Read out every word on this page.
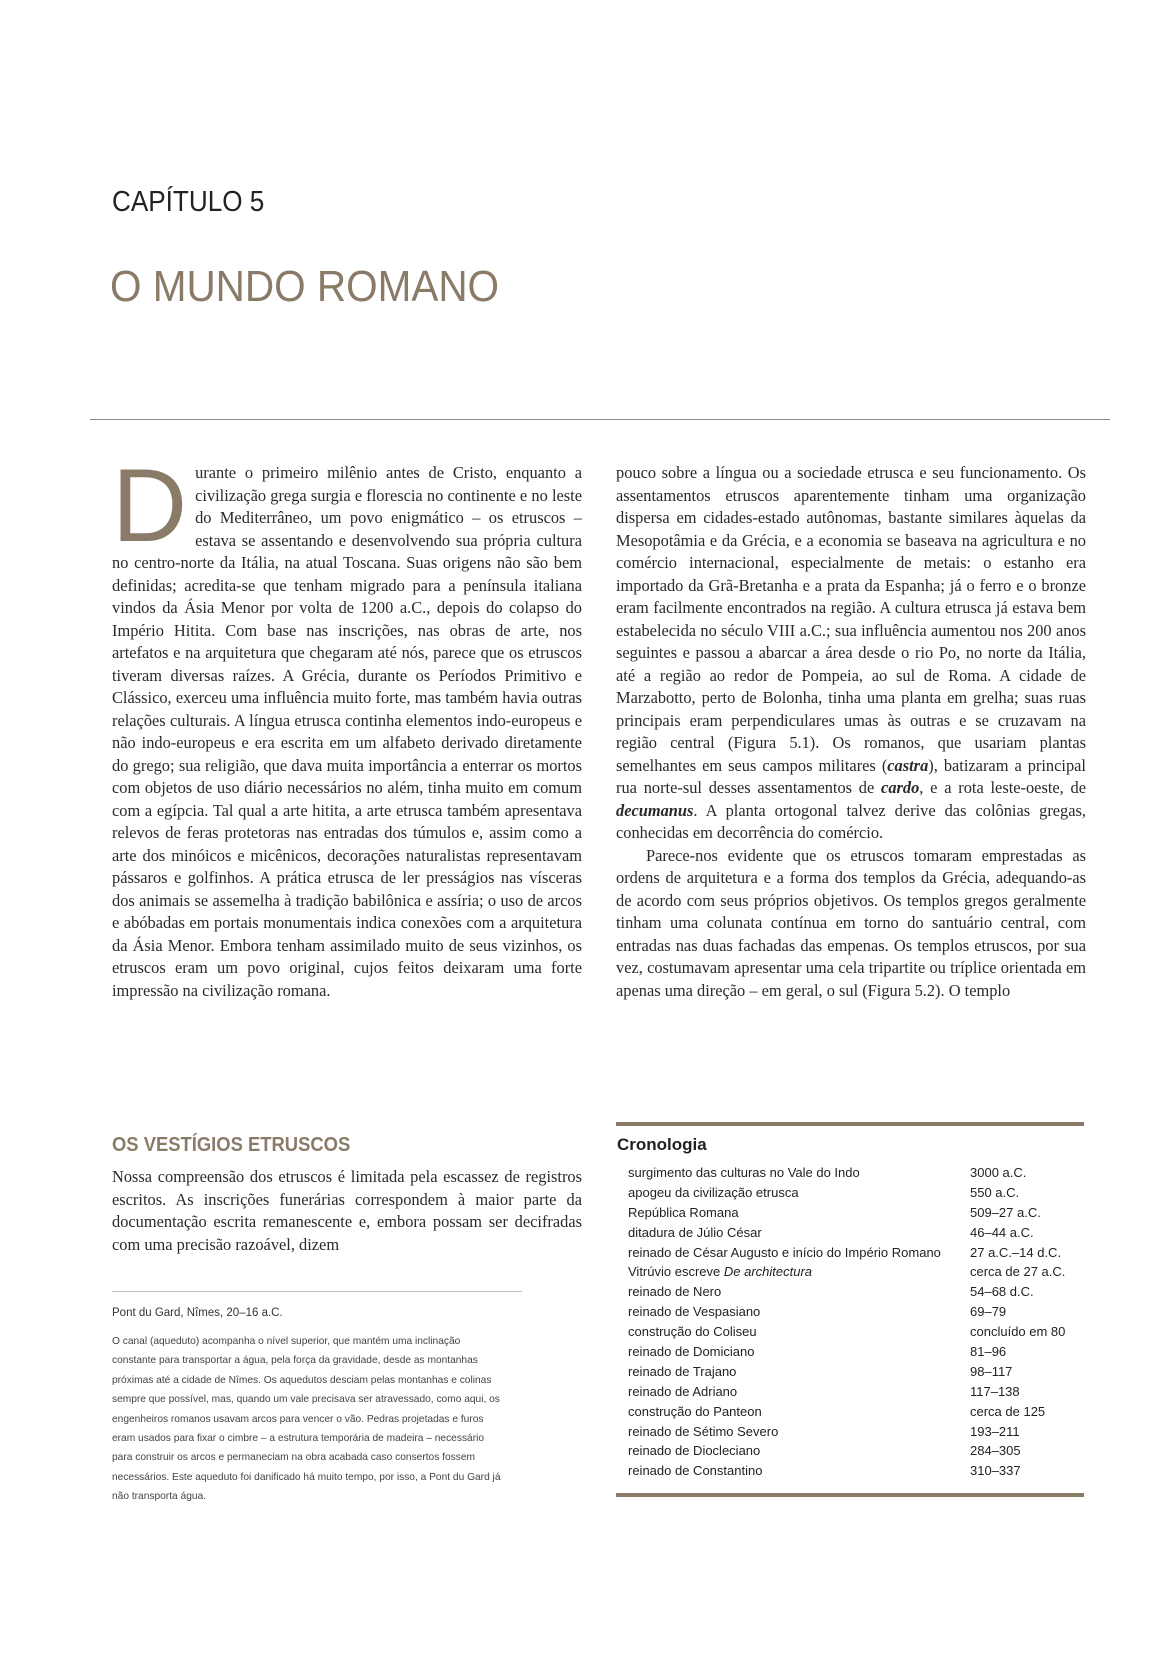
CAPÍTULO 5
O MUNDO ROMANO

Durante o primeiro milênio antes de Cristo, enquanto a civilização grega surgia e florescia no continente e no leste do Mediterrâneo, um povo enigmático – os etruscos – estava se assentando e desenvolvendo sua própria cultura no centro-norte da Itália, na atual Toscana. Suas origens não são bem definidas; acredita-se que tenham migrado para a península italiana vindos da Ásia Menor por volta de 1200 a.C., depois do colapso do Império Hitita. Com base nas inscrições, nas obras de arte, nos artefatos e na arquitetura que chegaram até nós, parece que os etruscos tiveram diversas raízes. A Grécia, durante os Períodos Primitivo e Clássico, exerceu uma influência muito forte, mas também havia outras relações culturais. A língua etrusca continha elementos indo-europeus e não indo-europeus e era escrita em um alfabeto derivado diretamente do grego; sua religião, que dava muita importância a enterrar os mortos com objetos de uso diário necessários no além, tinha muito em comum com a egípcia. Tal qual a arte hitita, a arte etrusca também apresentava relevos de feras protetoras nas entradas dos túmulos e, assim como a arte dos minóicos e micênicos, decorações naturalistas representavam pássaros e golfinhos. A prática etrusca de ler presságios nas vísceras dos animais se assemelha à tradição babilônica e assíria; o uso de arcos e abóbadas em portais monumentais indica conexões com a arquitetura da Ásia Menor. Embora tenham assimilado muito de seus vizinhos, os etruscos eram um povo original, cujos feitos deixaram uma forte impressão na civilização romana.

pouco sobre a língua ou a sociedade etrusca e seu funcionamento. Os assentamentos etruscos aparentemente tinham uma organização dispersa em cidades-estado autônomas, bastante similares àquelas da Mesopotâmia e da Grécia, e a economia se baseava na agricultura e no comércio internacional, especialmente de metais: o estanho era importado da Grã-Bretanha e a prata da Espanha; já o ferro e o bronze eram facilmente encontrados na região. A cultura etrusca já estava bem estabelecida no século VIII a.C.; sua influência aumentou nos 200 anos seguintes e passou a abarcar a área desde o rio Po, no norte da Itália, até a região ao redor de Pompeia, ao sul de Roma. A cidade de Marzabotto, perto de Bolonha, tinha uma planta em grelha; suas ruas principais eram perpendiculares umas às outras e se cruzavam na região central (Figura 5.1). Os romanos, que usariam plantas semelhantes em seus campos militares (castra), batizaram a principal rua norte-sul desses assentamentos de cardo, e a rota leste-oeste, de decumanus. A planta ortogonal talvez derive das colônias gregas, conhecidas em decorrência do comércio.

Parece-nos evidente que os etruscos tomaram emprestadas as ordens de arquitetura e a forma dos templos da Grécia, adequando-as de acordo com seus próprios objetivos. Os templos gregos geralmente tinham uma colunata contínua em torno do santuário central, com entradas nas duas fachadas das empenas. Os templos etruscos, por sua vez, costumavam apresentar uma cela tripartite ou tríplice orientada em apenas uma direção – em geral, o sul (Figura 5.2). O templo

OS VESTÍGIOS ETRUSCOS

Nossa compreensão dos etruscos é limitada pela escassez de registros escritos. As inscrições funerárias correspondem à maior parte da documentação escrita remanescente e, embora possam ser decifradas com uma precisão razoável, dizem

Pont du Gard, Nîmes, 20–16 a.C.
O canal (aqueduto) acompanha o nível superior, que mantém uma inclinação constante para transportar a água, pela força da gravidade, desde as montanhas próximas até a cidade de Nîmes. Os aquedutos desciam pelas montanhas e colinas sempre que possível, mas, quando um vale precisava ser atravessado, como aqui, os engenheiros romanos usavam arcos para vencer o vão. Pedras projetadas e furos eram usados para fixar o cimbre – a estrutura temporária de madeira – necessário para construir os arcos e permaneciam na obra acabada caso consertos fossem necessários. Este aqueduto foi danificado há muito tempo, por isso, a Pont du Gard já não transporta água.
Cronologia
surgimento das culturas no Vale do Indo	3000 a.C.
apogeu da civilização etrusca	550 a.C.
República Romana	509–27 a.C.
ditadura de Júlio César	46–44 a.C.
reinado de César Augusto e início do Império Romano	27 a.C.–14 d.C.
Vitrúvio escreve De architectura	cerca de 27 a.C.
reinado de Nero	54–68 d.C.
reinado de Vespasiano	69–79
construção do Coliseu	concluído em 80
reinado de Domiciano	81–96
reinado de Trajano	98–117
reinado de Adriano	117–138
construção do Panteon	cerca de 125
reinado de Sétimo Severo	193–211
reinado de Diocleciano	284–305
reinado de Constantino	310–337
